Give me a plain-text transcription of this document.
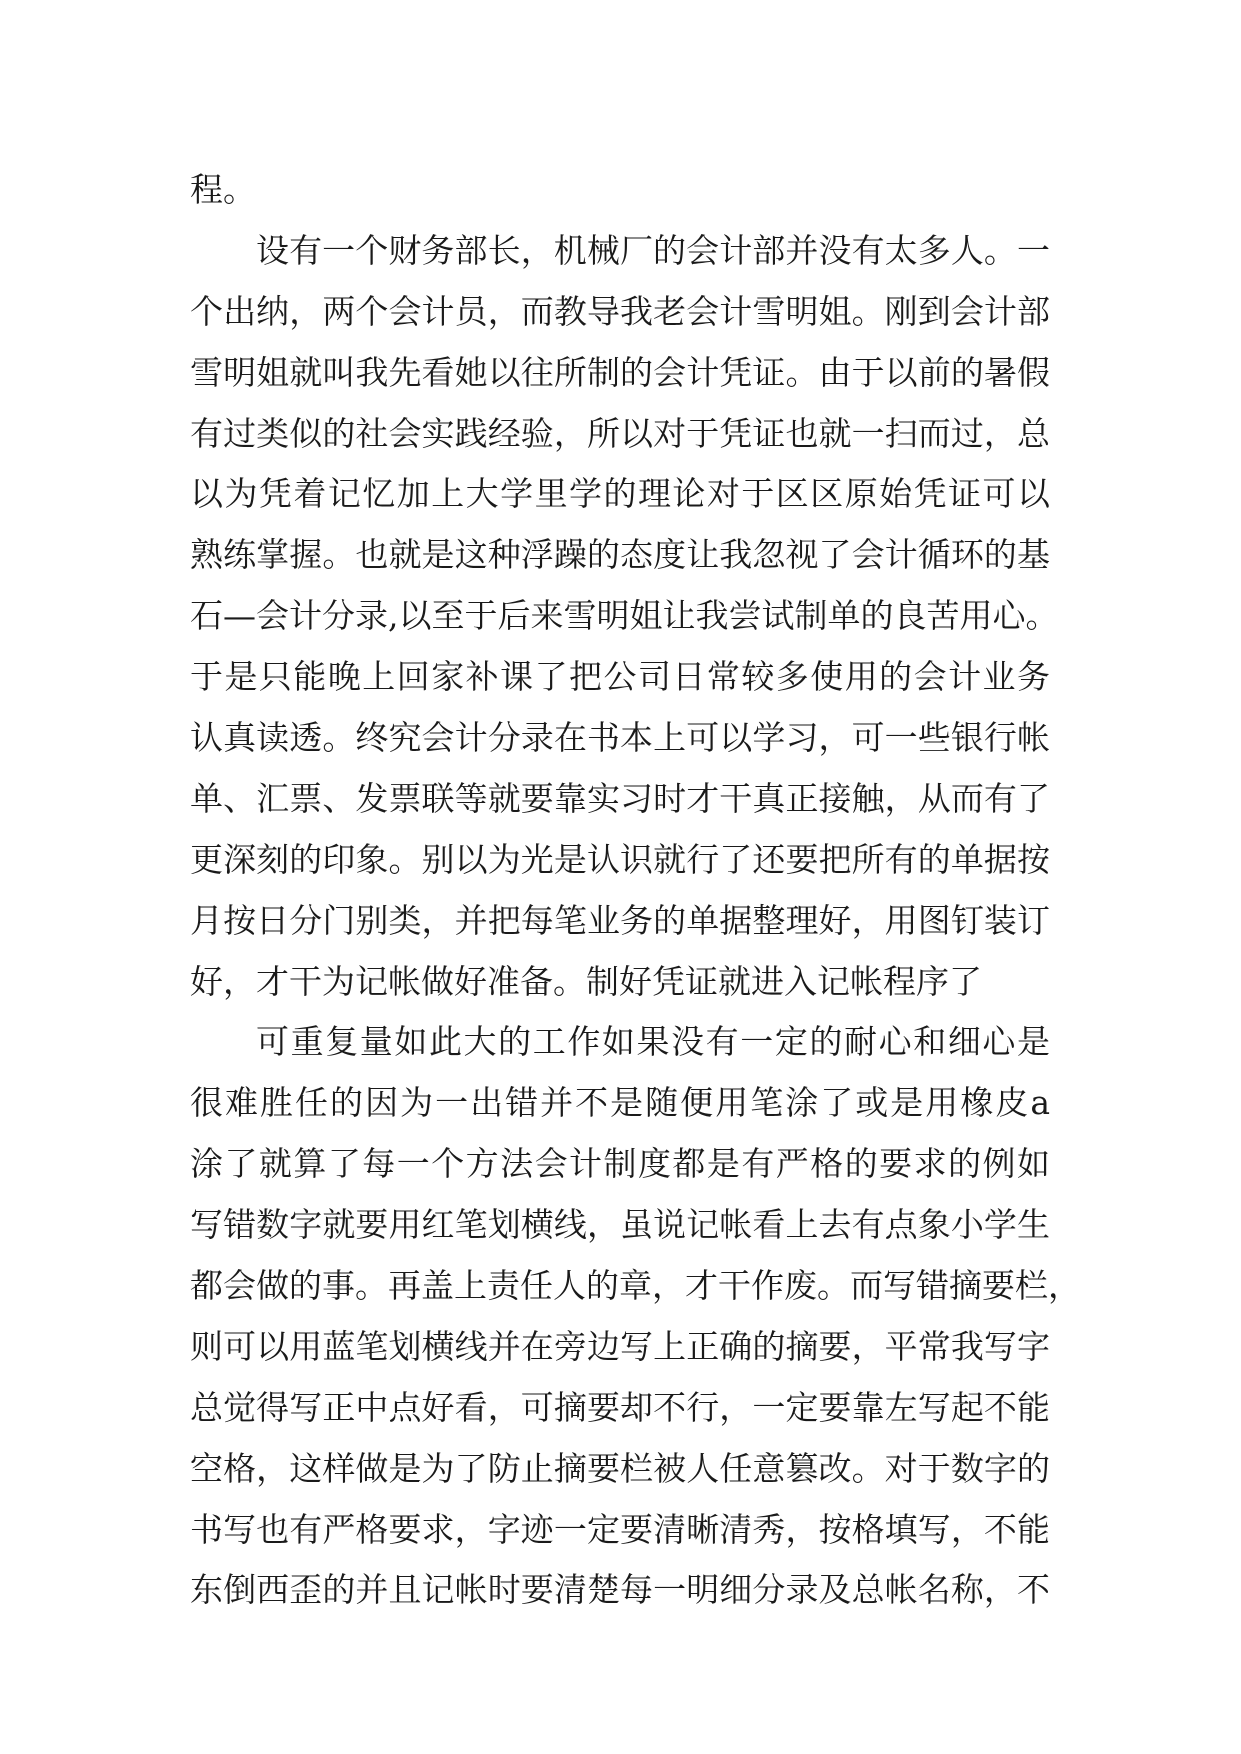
程。
设有一个财务部长，机械厂的会计部并没有太多人。一
个出纳，两个会计员，而教导我老会计雪明姐。刚到会计部
雪明姐就叫我先看她以往所制的会计凭证。由于以前的暑假
有过类似的社会实践经验，所以对于凭证也就一扫而过，总
以为凭着记忆加上大学里学的理论对于区区原始凭证可以
熟练掌握。也就是这种浮躁的态度让我忽视了会计循环的基
石—会计分录,以至于后来雪明姐让我尝试制单的良苦用心。
于是只能晚上回家补课了把公司日常较多使用的会计业务
认真读透。终究会计分录在书本上可以学习，可一些银行帐
单、汇票、发票联等就要靠实习时才干真正接触，从而有了
更深刻的印象。别以为光是认识就行了还要把所有的单据按
月按日分门别类，并把每笔业务的单据整理好，用图钉装订
好，才干为记帐做好准备。制好凭证就进入记帐程序了
可重复量如此大的工作如果没有一定的耐心和细心是
很难胜任的因为一出错并不是随便用笔涂了或是用橡皮a
涂了就算了每一个方法会计制度都是有严格的要求的例如
写错数字就要用红笔划横线，虽说记帐看上去有点象小学生
都会做的事。再盖上责任人的章，才干作废。而写错摘要栏，
则可以用蓝笔划横线并在旁边写上正确的摘要，平常我写字
总觉得写正中点好看，可摘要却不行，一定要靠左写起不能
空格，这样做是为了防止摘要栏被人任意篡改。对于数字的
书写也有严格要求，字迹一定要清晰清秀，按格填写，不能
东倒西歪的并且记帐时要清楚每一明细分录及总帐名称，不
